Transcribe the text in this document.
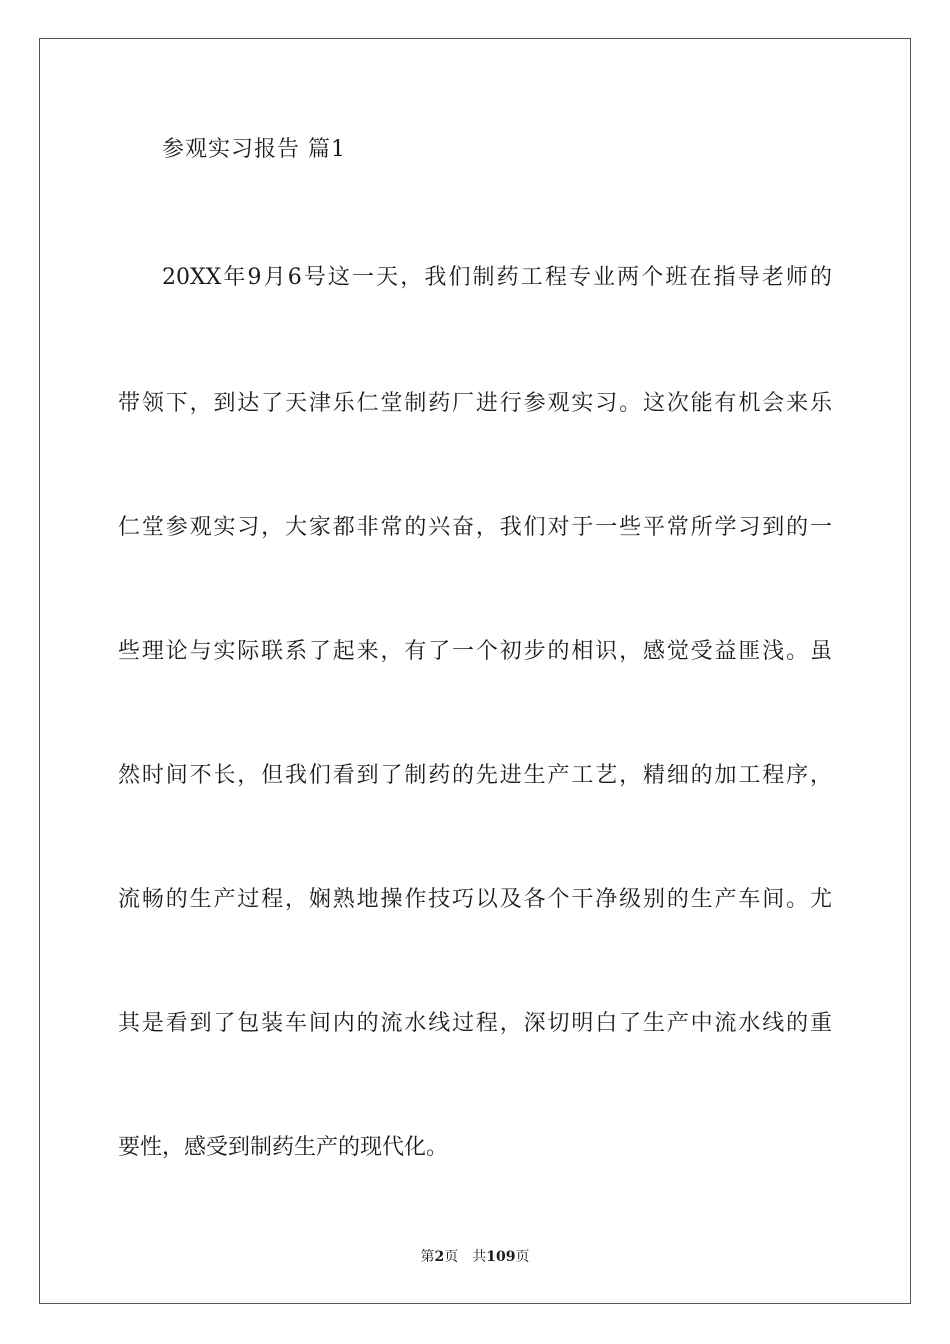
参观实习报告 篇1
20XX年9月6号这一天，我们制药工程专业两个班在指导老师的
带领下，到达了天津乐仁堂制药厂进行参观实习。这次能有机会来乐
仁堂参观实习，大家都非常的兴奋，我们对于一些平常所学习到的一
些理论与实际联系了起来，有了一个初步的相识，感觉受益匪浅。虽
然时间不长，但我们看到了制药的先进生产工艺，精细的加工程序，
流畅的生产过程，娴熟地操作技巧以及各个干净级别的生产车间。尤
其是看到了包装车间内的流水线过程，深切明白了生产中流水线的重
要性，感受到制药生产的现代化。
第2页 共109页
